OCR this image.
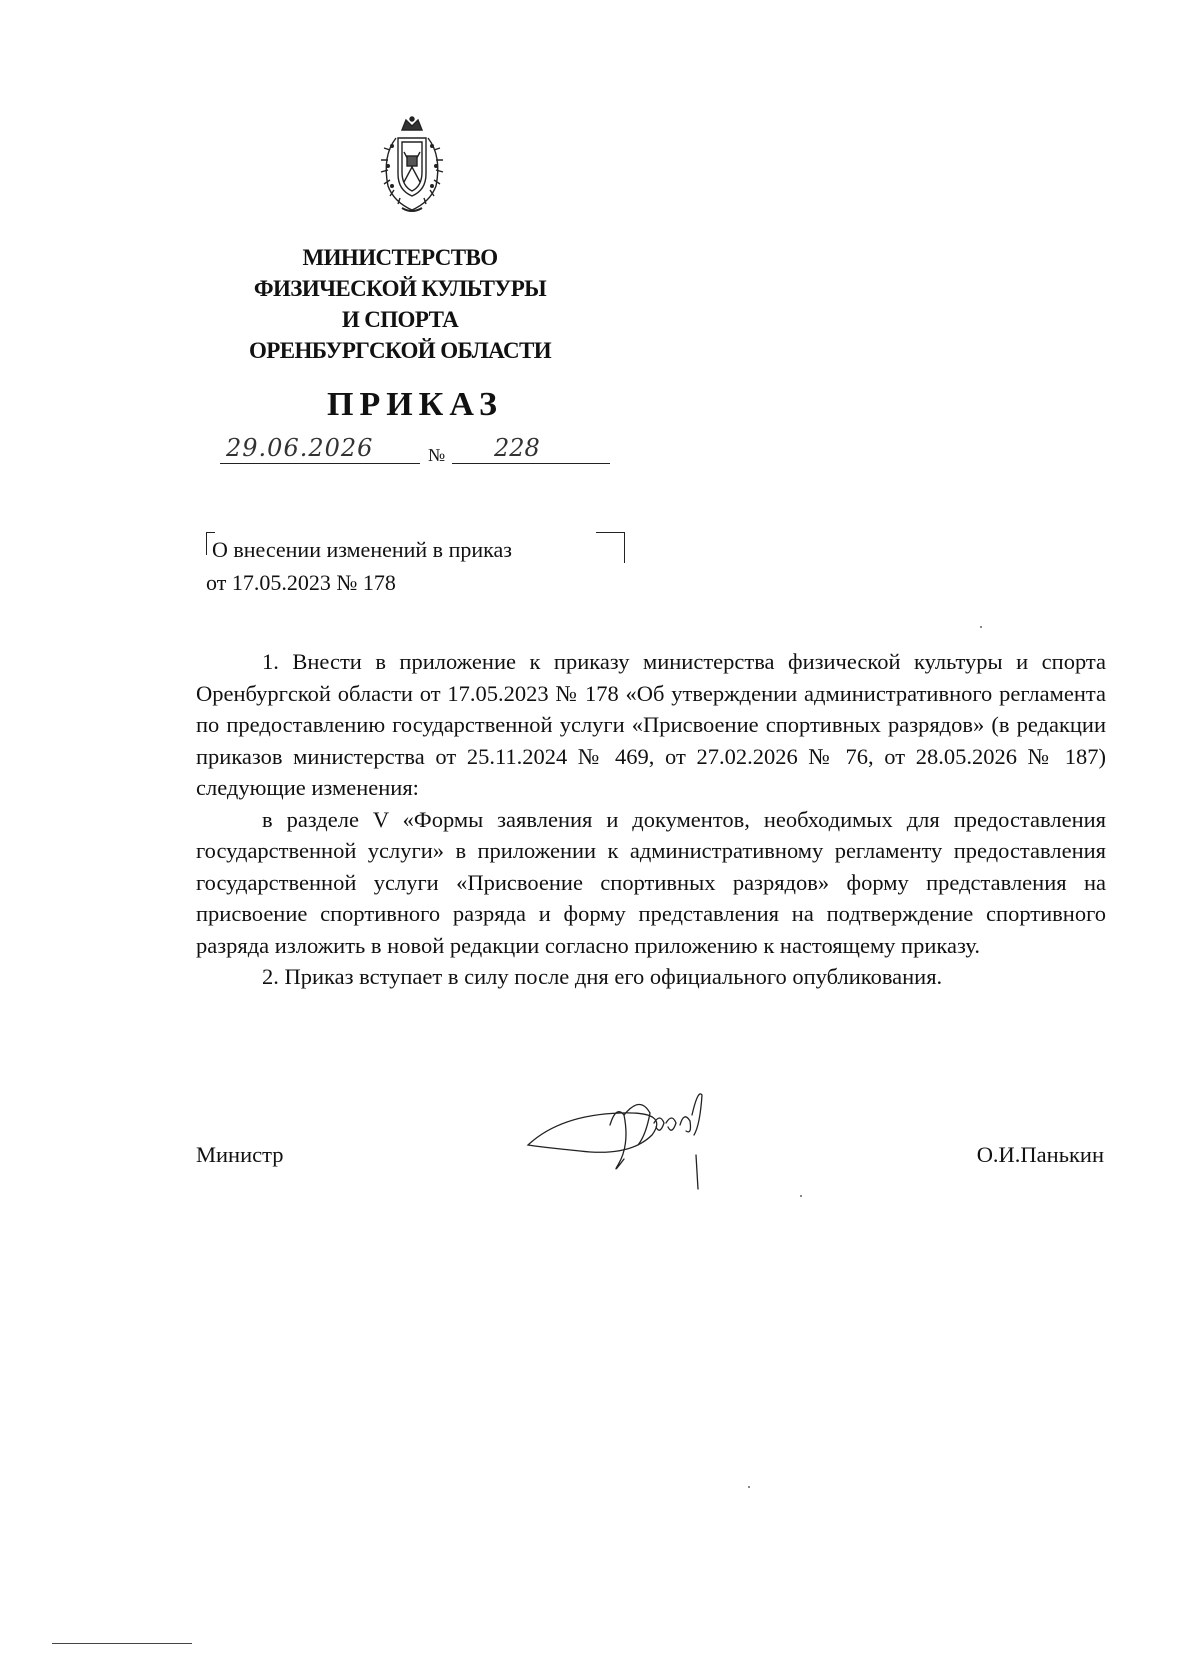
МИНИСТЕРСТВО
ФИЗИЧЕСКОЙ КУЛЬТУРЫ
И СПОРТА
ОРЕНБУРГСКОЙ ОБЛАСТИ
ПРИКАЗ
29.06.2026	№	228
О внесении изменений в приказ
от 17.05.2023 № 178

1. Внести в приложение к приказу министерства физической культуры и спорта Оренбургской области от 17.05.2023 № 178 «Об утверждении административного регламента по предоставлению государственной услуги «Присвоение спортивных разрядов» (в редакции приказов министерства от 25.11.2024 № 469, от 27.02.2026 № 76, от 28.05.2026 № 187) следующие изменения:

в разделе V «Формы заявления и документов, необходимых для предоставления государственной услуги» в приложении к административному регламенту предоставления государственной услуги «Присвоение спортивных разрядов» форму представления на присвоение спортивного разряда и форму представления на подтверждение спортивного разряда изложить в новой редакции согласно приложению к настоящему приказу.

2. Приказ вступает в силу после дня его официального опубликования.

Министр	О.И.Панькин
